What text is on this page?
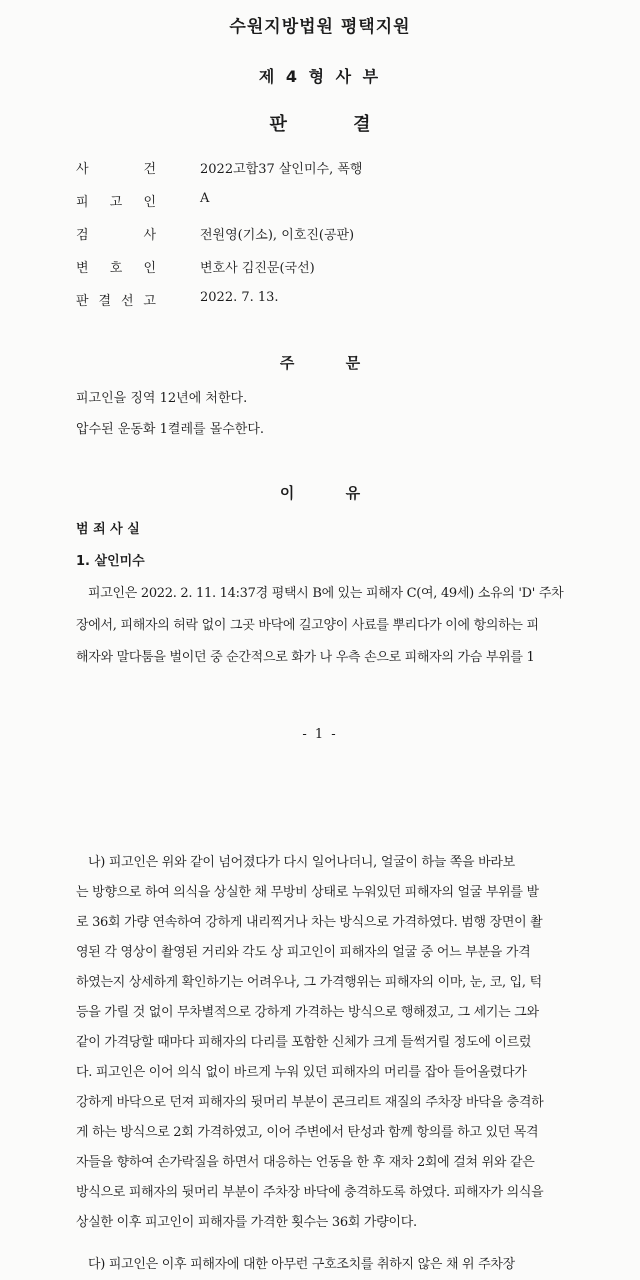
수원지방법원 평택지원
제 4 형 사 부
판 결
사	건	2022고합37 살인미수, 폭행
피 고 인	A
검	사	전원영(기소), 이호진(공판)
변 호 인	변호사 김진문(국선)
판 결 선 고	2022. 7. 13.
주 문
피고인을 징역 12년에 처한다.
압수된 운동화 1켤레를 몰수한다.
이 유
범 죄 사 실
1. 살인미수
피고인은 2022. 2. 11. 14:37경 평택시 B에 있는 피해자 C(여, 49세) 소유의 'D' 주차
장에서, 피해자의 허락 없이 그곳 바닥에 길고양이 사료를 뿌리다가 이에 항의하는 피
해자와 말다툼을 벌이던 중 순간적으로 화가 나 우측 손으로 피해자의 가슴 부위를 1
- 1 -
나) 피고인은 위와 같이 넘어졌다가 다시 일어나더니, 얼굴이 하늘 쪽을 바라보
는 방향으로 하여 의식을 상실한 채 무방비 상태로 누워있던 피해자의 얼굴 부위를 발
로 36회 가량 연속하여 강하게 내리찍거나 차는 방식으로 가격하였다. 범행 장면이 촬
영된 각 영상이 촬영된 거리와 각도 상 피고인이 피해자의 얼굴 중 어느 부분을 가격
하였는지 상세하게 확인하기는 어려우나, 그 가격행위는 피해자의 이마, 눈, 코, 입, 턱
등을 가릴 것 없이 무차별적으로 강하게 가격하는 방식으로 행해졌고, 그 세기는 그와
같이 가격당할 때마다 피해자의 다리를 포함한 신체가 크게 들썩거릴 정도에 이르렀
다. 피고인은 이어 의식 없이 바르게 누워 있던 피해자의 머리를 잡아 들어올렸다가
강하게 바닥으로 던져 피해자의 뒷머리 부분이 콘크리트 재질의 주차장 바닥을 충격하
게 하는 방식으로 2회 가격하였고, 이어 주변에서 탄성과 함께 항의를 하고 있던 목격
자들을 향하여 손가락질을 하면서 대응하는 언동을 한 후 재차 2회에 걸쳐 위와 같은
방식으로 피해자의 뒷머리 부분이 주차장 바닥에 충격하도록 하였다. 피해자가 의식을
상실한 이후 피고인이 피해자를 가격한 횟수는 36회 가량이다.
다) 피고인은 이후 피해자에 대한 아무런 구호조치를 취하지 않은 채 위 주차장
